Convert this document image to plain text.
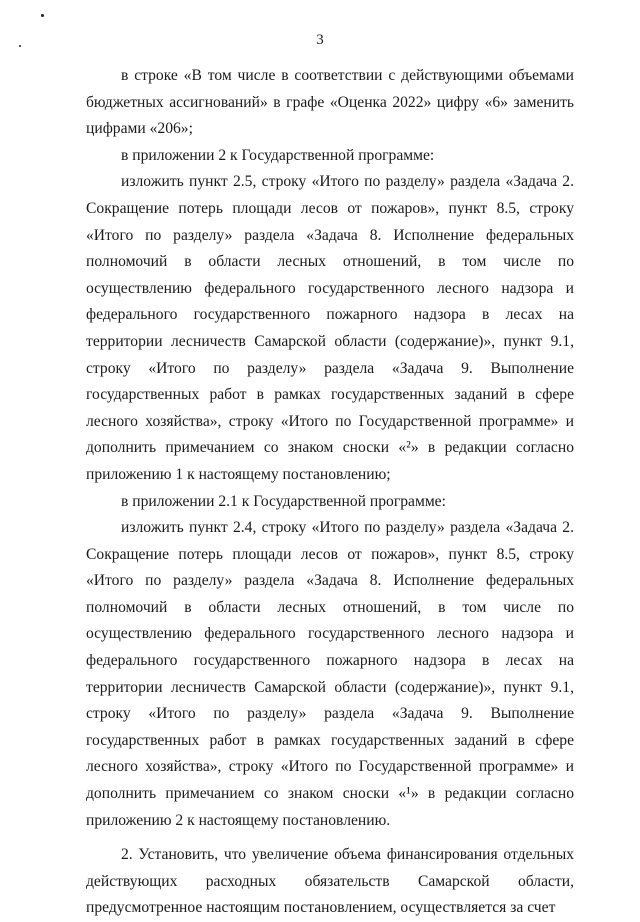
3

в строке «В том числе в соответствии с действующими объемами бюджетных ассигнований» в графе «Оценка 2022» цифру «6» заменить цифрами «206»;

в приложении 2 к Государственной программе:

изложить пункт 2.5, строку «Итого по разделу» раздела «Задача 2. Сокращение потерь площади лесов от пожаров», пункт 8.5, строку «Итого по разделу» раздела «Задача 8. Исполнение федеральных полномочий в области лесных отношений, в том числе по осуществлению федерального государственного лесного надзора и федерального государственного пожарного надзора в лесах на территории лесничеств Самарской области (содержание)», пункт 9.1, строку «Итого по разделу» раздела «Задача 9. Выполнение государственных работ в рамках государственных заданий в сфере лесного хозяйства», строку «Итого по Государственной программе» и дополнить примечанием со знаком сноски «²» в редакции согласно приложению 1 к настоящему постановлению;

в приложении 2.1 к Государственной программе:

изложить пункт 2.4, строку «Итого по разделу» раздела «Задача 2. Сокращение потерь площади лесов от пожаров», пункт 8.5, строку «Итого по разделу» раздела «Задача 8. Исполнение федеральных полномочий в области лесных отношений, в том числе по осуществлению федерального государственного лесного надзора и федерального государственного пожарного надзора в лесах на территории лесничеств Самарской области (содержание)», пункт 9.1, строку «Итого по разделу» раздела «Задача 9. Выполнение государственных работ в рамках государственных заданий в сфере лесного хозяйства», строку «Итого по Государственной программе» и дополнить примечанием со знаком сноски «¹» в редакции согласно приложению 2 к настоящему постановлению.

2. Установить, что увеличение объема финансирования отдельных действующих расходных обязательств Самарской области, предусмотренное настоящим постановлением, осуществляется за счет
